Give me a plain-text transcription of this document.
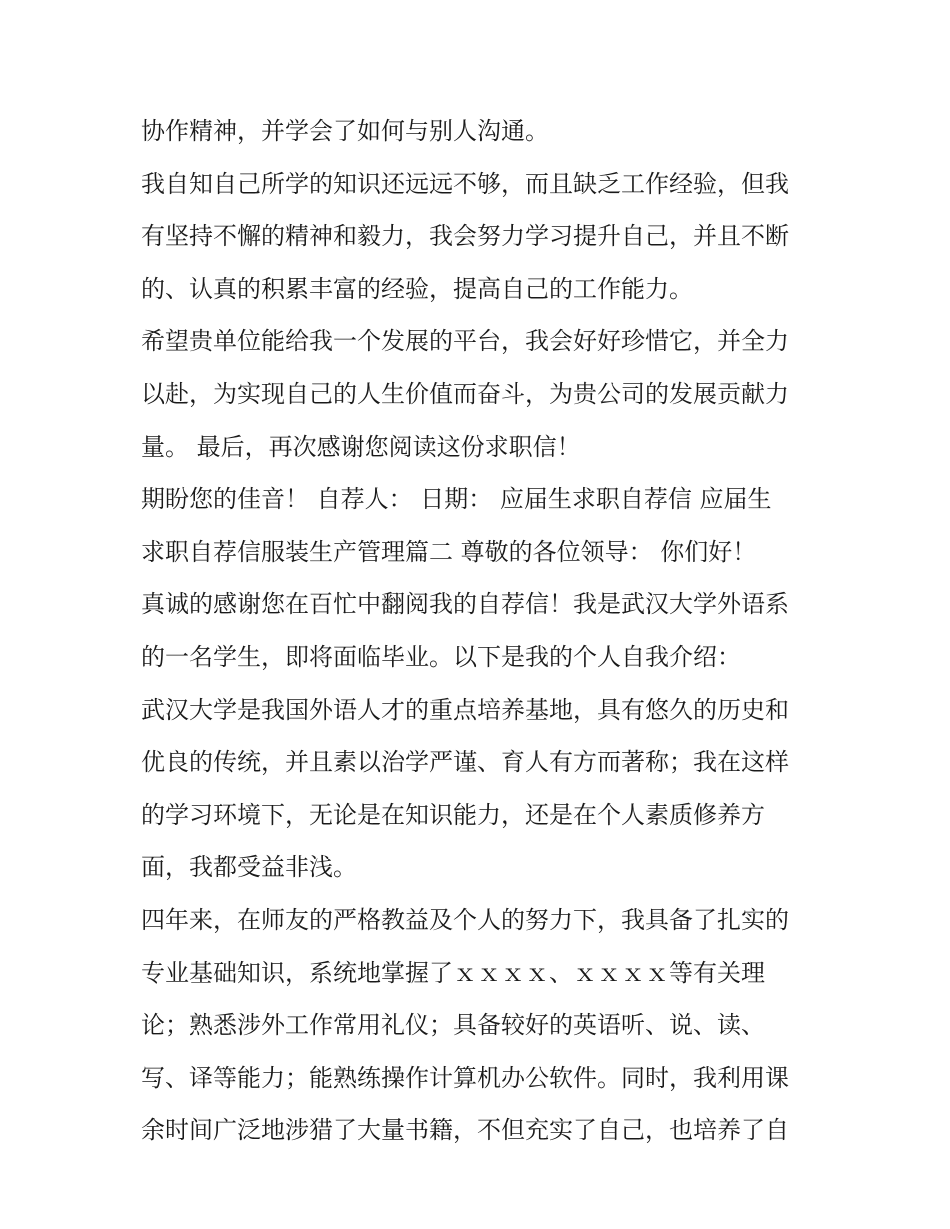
协作精神，并学会了如何与别人沟通。
我自知自己所学的知识还远远不够，而且缺乏工作经验，但我
有坚持不懈的精神和毅力，我会努力学习提升自己，并且不断
的、认真的积累丰富的经验，提高自己的工作能力。
希望贵单位能给我一个发展的平台，我会好好珍惜它，并全力
以赴，为实现自己的人生价值而奋斗，为贵公司的发展贡献力
量。 最后，再次感谢您阅读这份求职信！
期盼您的佳音！ 自荐人： 日期： 应届生求职自荐信 应届生
求职自荐信服装生产管理篇二 尊敬的各位领导： 你们好！
真诚的感谢您在百忙中翻阅我的自荐信！我是武汉大学外语系
的一名学生，即将面临毕业。以下是我的个人自我介绍：
武汉大学是我国外语人才的重点培养基地，具有悠久的历史和
优良的传统，并且素以治学严谨、育人有方而著称；我在这样
的学习环境下，无论是在知识能力，还是在个人素质修养方
面，我都受益非浅。
四年来，在师友的严格教益及个人的努力下，我具备了扎实的
专业基础知识，系统地掌握了ｘｘｘｘ、ｘｘｘｘ等有关理
论；熟悉涉外工作常用礼仪；具备较好的英语听、说、读、
写、译等能力；能熟练操作计算机办公软件。同时，我利用课
余时间广泛地涉猎了大量书籍，不但充实了自己，也培养了自
